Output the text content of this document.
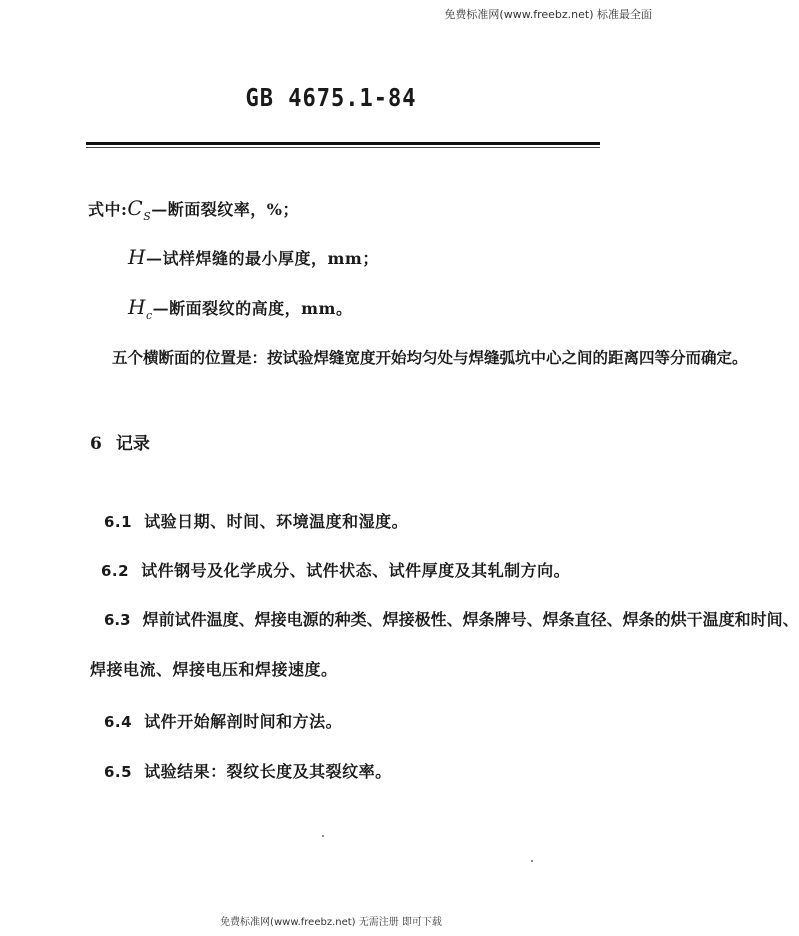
免费标准网(www.freebz.net) 标准最全面
GB 4675.1-84
式中$:C_S—$断面裂纹率，%；
H—试样焊缝的最小厚度，mm；
$H_c—$断面裂纹的高度，mm。
五个横断面的位置是：按试验焊缝宽度开始均匀处与焊缝弧坑中心之间的距离四等分而确定。
6 记录
6.1 试验日期、时间、环境温度和湿度。
6.2 试件钢号及化学成分、试件状态、试件厚度及其轧制方向。
6.3 焊前试件温度、焊接电源的种类、焊接极性、焊条牌号、焊条直径、焊条的烘干温度和时间、
焊接电流、焊接电压和焊接速度。
6.4 试件开始解剖时间和方法。
6.5 试验结果：裂纹长度及其裂纹率。
免费标准网(www.freebz.net) 无需注册 即可下载
